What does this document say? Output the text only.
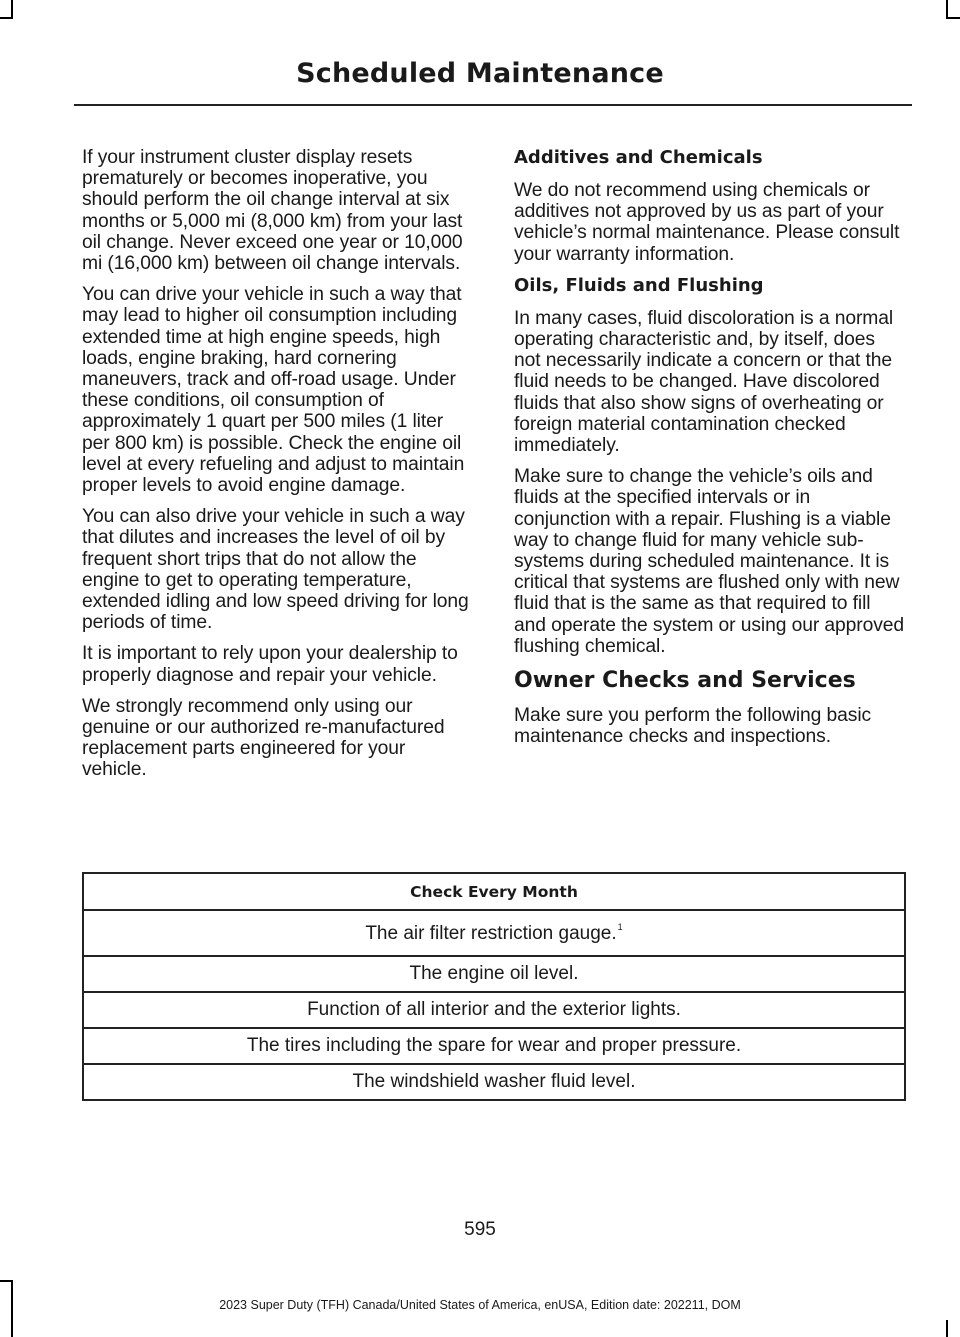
Scheduled Maintenance

If your instrument cluster display resets prematurely or becomes inoperative, you should perform the oil change interval at six months or 5,000 mi (8,000 km) from your last oil change. Never exceed one year or 10,000 mi (16,000 km) between oil change intervals.

You can drive your vehicle in such a way that may lead to higher oil consumption including extended time at high engine speeds, high loads, engine braking, hard cornering maneuvers, track and off-road usage. Under these conditions, oil consumption of approximately 1 quart per 500 miles (1 liter per 800 km) is possible. Check the engine oil level at every refueling and adjust to maintain proper levels to avoid engine damage.

You can also drive your vehicle in such a way that dilutes and increases the level of oil by frequent short trips that do not allow the engine to get to operating temperature, extended idling and low speed driving for long periods of time.

It is important to rely upon your dealership to properly diagnose and repair your vehicle.

We strongly recommend only using our genuine or our authorized re-manufactured replacement parts engineered for your vehicle.

Additives and Chemicals

We do not recommend using chemicals or additives not approved by us as part of your vehicle’s normal maintenance. Please consult your warranty information.

Oils, Fluids and Flushing

In many cases, fluid discoloration is a normal operating characteristic and, by itself, does not necessarily indicate a concern or that the fluid needs to be changed. Have discolored fluids that also show signs of overheating or foreign material contamination checked immediately.

Make sure to change the vehicle’s oils and fluids at the specified intervals or in conjunction with a repair. Flushing is a viable way to change fluid for many vehicle sub-systems during scheduled maintenance. It is critical that systems are flushed only with new fluid that is the same as that required to fill and operate the system or using our approved flushing chemical.

Owner Checks and Services

Make sure you perform the following basic maintenance checks and inspections.

Check Every Month
The air filter restriction gauge.$^1$
The engine oil level.
Function of all interior and the exterior lights.
The tires including the spare for wear and proper pressure.
The windshield washer fluid level.
595
2023 Super Duty (TFH) Canada/United States of America, enUSA, Edition date: 202211, DOM
